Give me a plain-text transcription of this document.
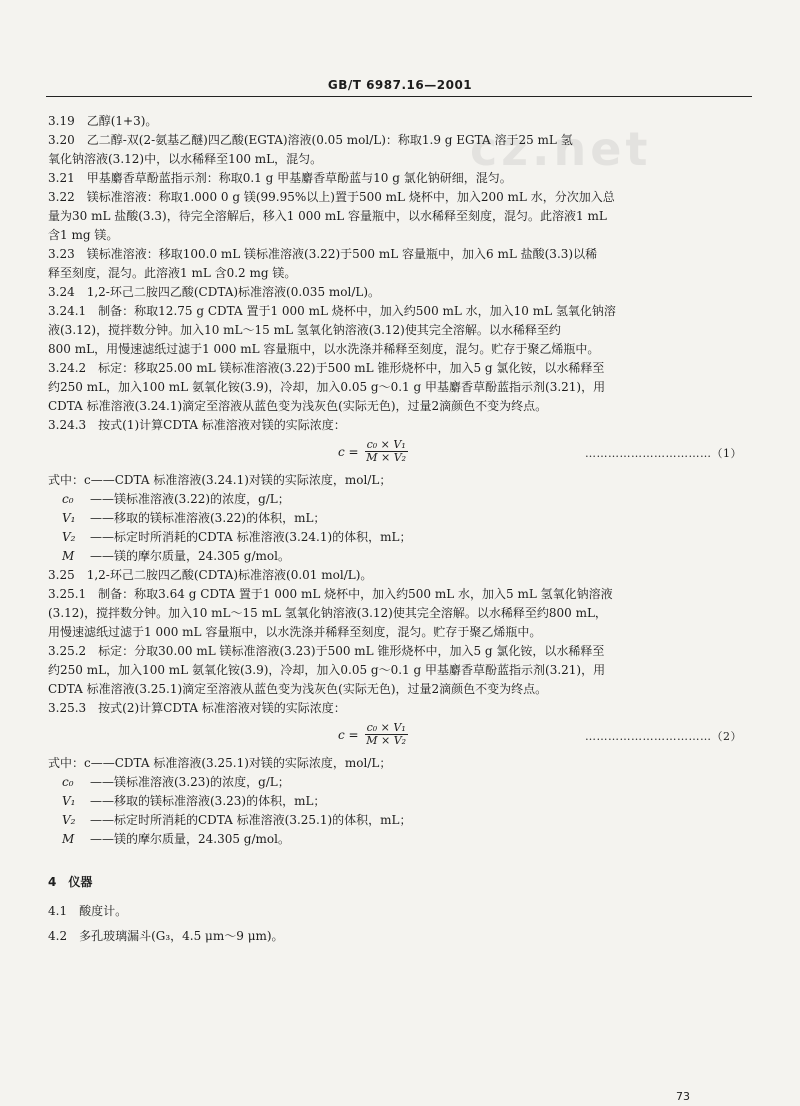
GB/T 6987.16—2001
cz.net
3.19　乙醇(1+3)。
3.20　乙二醇-双(2-氨基乙醚)四乙酸(EGTA)溶液(0.05 mol/L)：称取1.9 g EGTA 溶于25 mL 氢
氧化钠溶液(3.12)中，以水稀释至100 mL，混匀。
3.21　甲基麝香草酚蓝指示剂：称取0.1 g 甲基麝香草酚蓝与10 g 氯化钠研细，混匀。
3.22　镁标准溶液：称取1.000 0 g 镁(99.95%以上)置于500 mL 烧杯中，加入200 mL 水，分次加入总
量为30 mL 盐酸(3.3)，待完全溶解后，移入1 000 mL 容量瓶中，以水稀释至刻度，混匀。此溶液1 mL
含1 mg 镁。
3.23　镁标准溶液：移取100.0 mL 镁标准溶液(3.22)于500 mL 容量瓶中，加入6 mL 盐酸(3.3)以稀
释至刻度，混匀。此溶液1 mL 含0.2 mg 镁。
3.24　1,2-环己二胺四乙酸(CDTA)标准溶液(0.035 mol/L)。
3.24.1　制备：称取12.75 g CDTA 置于1 000 mL 烧杯中，加入约500 mL 水，加入10 mL 氢氧化钠溶
液(3.12)，搅拌数分钟。加入10 mL～15 mL 氢氧化钠溶液(3.12)使其完全溶解。以水稀释至约
800 mL，用慢速滤纸过滤于1 000 mL 容量瓶中，以水洗涤并稀释至刻度，混匀。贮存于聚乙烯瓶中。
3.24.2　标定：移取25.00 mL 镁标准溶液(3.22)于500 mL 锥形烧杯中，加入5 g 氯化铵，以水稀释至
约250 mL，加入100 mL 氨氧化铵(3.9)，冷却，加入0.05 g～0.1 g 甲基麝香草酚蓝指示剂(3.21)，用
CDTA 标准溶液(3.24.1)滴定至溶液从蓝色变为浅灰色(实际无色)，过量2滴颜色不变为终点。
3.24.3　按式(1)计算CDTA 标准溶液对镁的实际浓度：
$c = \frac{\text{c₀ × V₁}}{\text{M × V₂}}$	……………………………（1）
式中：c——CDTA 标准溶液(3.24.1)对镁的实际浓度，mol/L；
c₀ ——镁标准溶液(3.22)的浓度，g/L；
V₁ ——移取的镁标准溶液(3.22)的体积，mL；
V₂ ——标定时所消耗的CDTA 标准溶液(3.24.1)的体积，mL；
M ——镁的摩尔质量，24.305 g/mol。
3.25　1,2-环己二胺四乙酸(CDTA)标准溶液(0.01 mol/L)。
3.25.1　制备：称取3.64 g CDTA 置于1 000 mL 烧杯中，加入约500 mL 水，加入5 mL 氢氧化钠溶液
(3.12)，搅拌数分钟。加入10 mL～15 mL 氢氧化钠溶液(3.12)使其完全溶解。以水稀释至约800 mL，
用慢速滤纸过滤于1 000 mL 容量瓶中，以水洗涤并稀释至刻度，混匀。贮存于聚乙烯瓶中。
3.25.2　标定：分取30.00 mL 镁标准溶液(3.23)于500 mL 锥形烧杯中，加入5 g 氯化铵，以水稀释至
约250 mL，加入100 mL 氨氧化铵(3.9)，冷却，加入0.05 g～0.1 g 甲基麝香草酚蓝指示剂(3.21)，用
CDTA 标准溶液(3.25.1)滴定至溶液从蓝色变为浅灰色(实际无色)，过量2滴颜色不变为终点。
3.25.3　按式(2)计算CDTA 标准溶液对镁的实际浓度：
$c = \frac{\text{c₀ × V₁}}{\text{M × V₂}}$	……………………………（2）
式中：c——CDTA 标准溶液(3.25.1)对镁的实际浓度，mol/L；
c₀ ——镁标准溶液(3.23)的浓度，g/L；
V₁ ——移取的镁标准溶液(3.23)的体积，mL；
V₂ ——标定时所消耗的CDTA 标准溶液(3.25.1)的体积，mL；
M ——镁的摩尔质量，24.305 g/mol。
4　仪器
4.1　酸度计。
4.2　多孔玻璃漏斗(G₃，4.5 μm～9 μm)。
73
